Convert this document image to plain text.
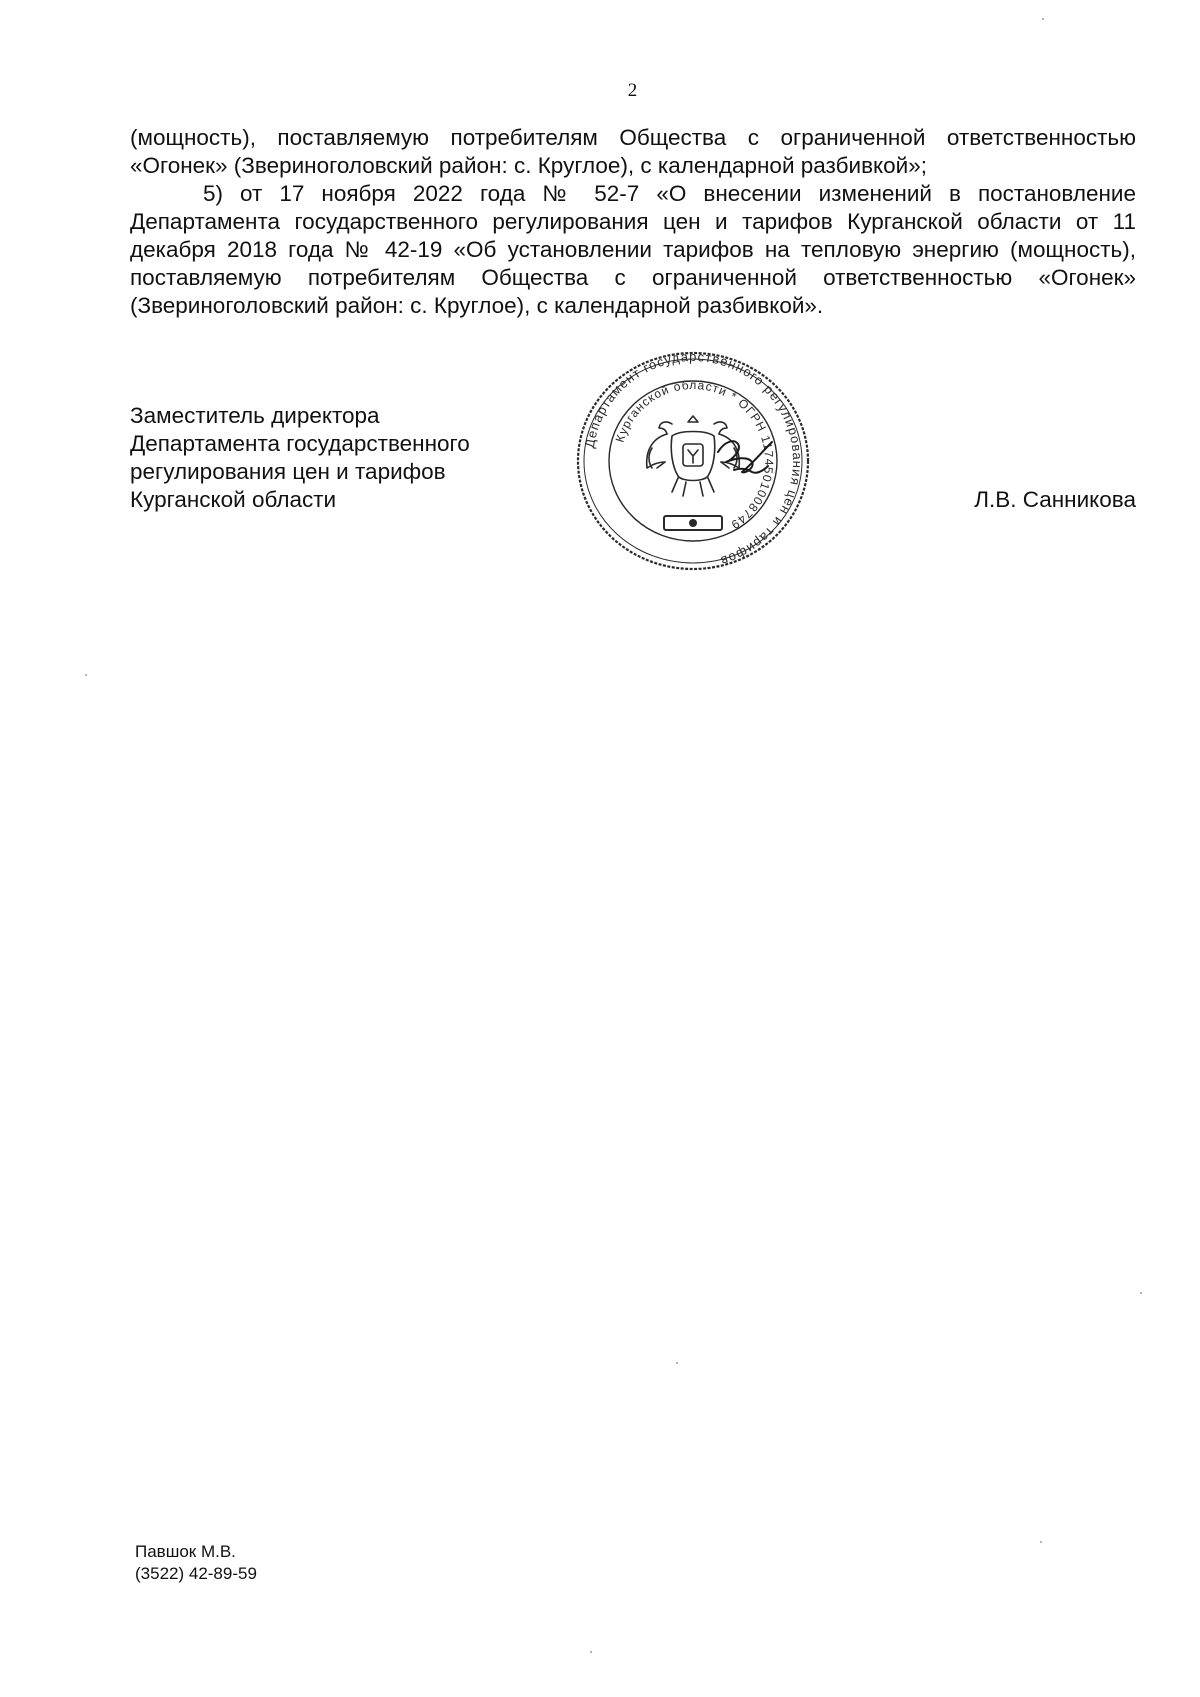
2

(мощность), поставляемую потребителям Общества с ограниченной ответственностью «Огонек» (Звериноголовский район: с. Круглое), с календарной разбивкой»;

5) от 17 ноября 2022 года № 52-7 «О внесении изменений в постановление Департамента государственного регулирования цен и тарифов Курганской области от 11 декабря 2018 года № 42-19 «Об установлении тарифов на тепловую энергию (мощность), поставляемую потребителям Общества с ограниченной ответственностью «Огонек» (Звериноголовский район: с. Круглое), с календарной разбивкой».

Заместитель директора
Департамента государственного
регулирования цен и тарифов
Курганской области
Департамент государственного регулирования цен и тарифов
Курганской области * ОГРН 1174501008749
Л.В. Санникова
Павшок М.В.
(3522) 42-89-59
